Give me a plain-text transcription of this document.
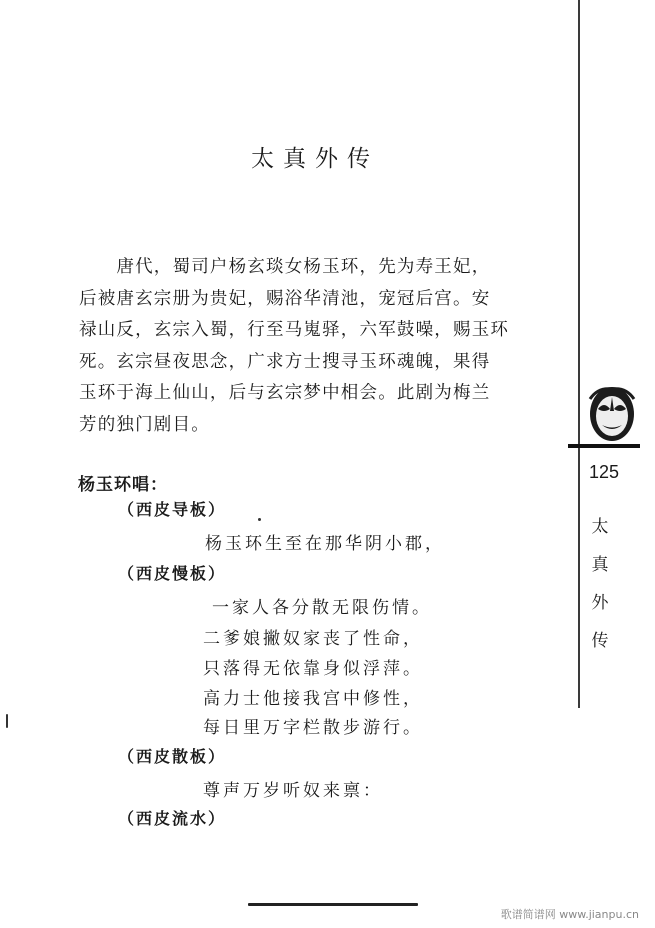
太真外传
　　唐代，蜀司户杨玄琰女杨玉环，先为寿王妃，
后被唐玄宗册为贵妃，赐浴华清池，宠冠后宫。安
禄山反，玄宗入蜀，行至马嵬驿，六军鼓噪，赐玉环
死。玄宗昼夜思念，广求方士搜寻玉环魂魄，果得
玉环于海上仙山，后与玄宗梦中相会。此剧为梅兰
芳的独门剧目。
杨玉环唱：
（西皮导板）
杨玉环生至在那华阴小郡，
（西皮慢板）
一家人各分散无限伤情。
二爹娘撇奴家丧了性命，
只落得无依靠身似浮萍。
高力士他接我宫中修性，
每日里万字栏散步游行。
（西皮散板）
尊声万岁听奴来禀：
（西皮流水）
125
太
真
外
传
歌谱简谱网 www.jianpu.cn
